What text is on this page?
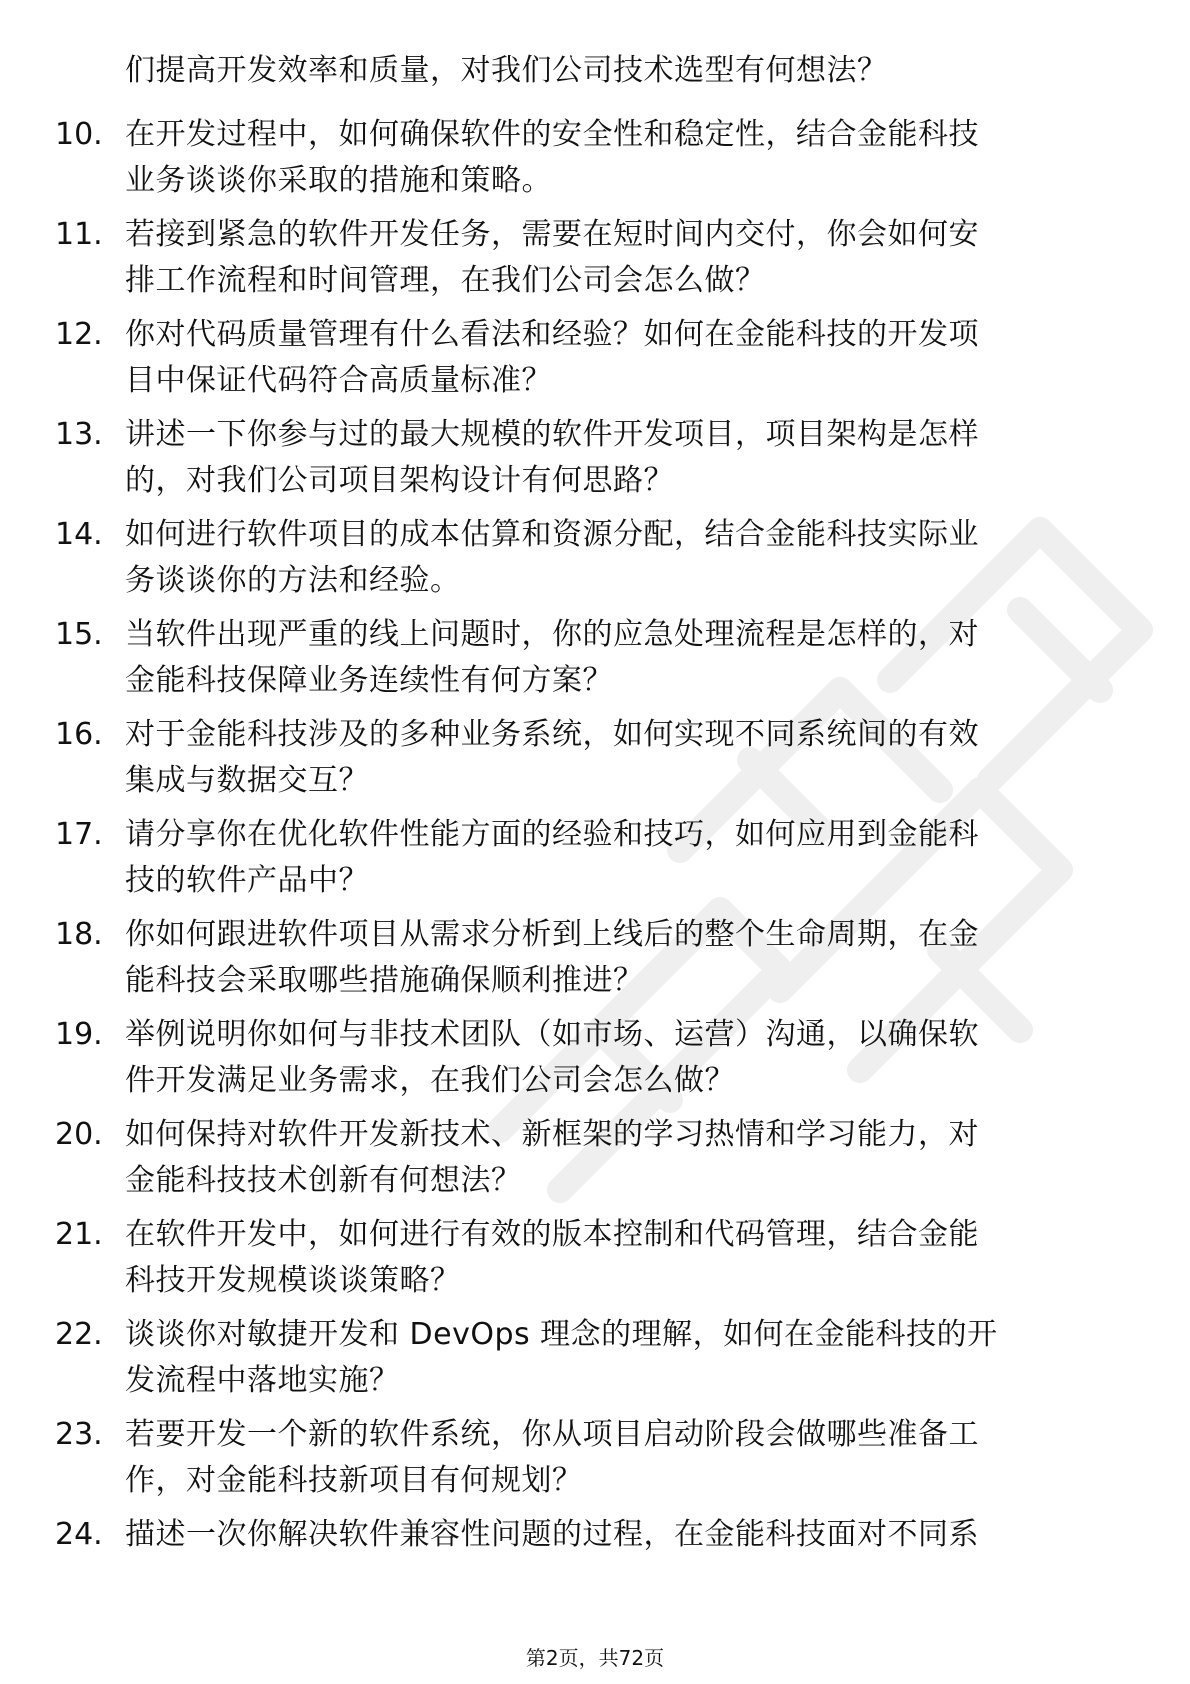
们提高开发效率和质量，对我们公司技术选型有何想法？
10. 在开发过程中，如何确保软件的安全性和稳定性，结合金能科技
业务谈谈你采取的措施和策略。
11. 若接到紧急的软件开发任务，需要在短时间内交付，你会如何安
排工作流程和时间管理，在我们公司会怎么做？
12. 你对代码质量管理有什么看法和经验？如何在金能科技的开发项
目中保证代码符合高质量标准？
13. 讲述一下你参与过的最大规模的软件开发项目，项目架构是怎样
的，对我们公司项目架构设计有何思路？
14. 如何进行软件项目的成本估算和资源分配，结合金能科技实际业
务谈谈你的方法和经验。
15. 当软件出现严重的线上问题时，你的应急处理流程是怎样的，对
金能科技保障业务连续性有何方案？
16. 对于金能科技涉及的多种业务系统，如何实现不同系统间的有效
集成与数据交互？
17. 请分享你在优化软件性能方面的经验和技巧，如何应用到金能科
技的软件产品中？
18. 你如何跟进软件项目从需求分析到上线后的整个生命周期，在金
能科技会采取哪些措施确保顺利推进？
19. 举例说明你如何与非技术团队（如市场、运营）沟通，以确保软
件开发满足业务需求，在我们公司会怎么做？
20. 如何保持对软件开发新技术、新框架的学习热情和学习能力，对
金能科技技术创新有何想法？
21. 在软件开发中，如何进行有效的版本控制和代码管理，结合金能
科技开发规模谈谈策略？
22. 谈谈你对敏捷开发和 DevOps 理念的理解，如何在金能科技的开
发流程中落地实施？
23. 若要开发一个新的软件系统，你从项目启动阶段会做哪些准备工
作，对金能科技新项目有何规划？
24. 描述一次你解决软件兼容性问题的过程，在金能科技面对不同系
第2页，共72页
